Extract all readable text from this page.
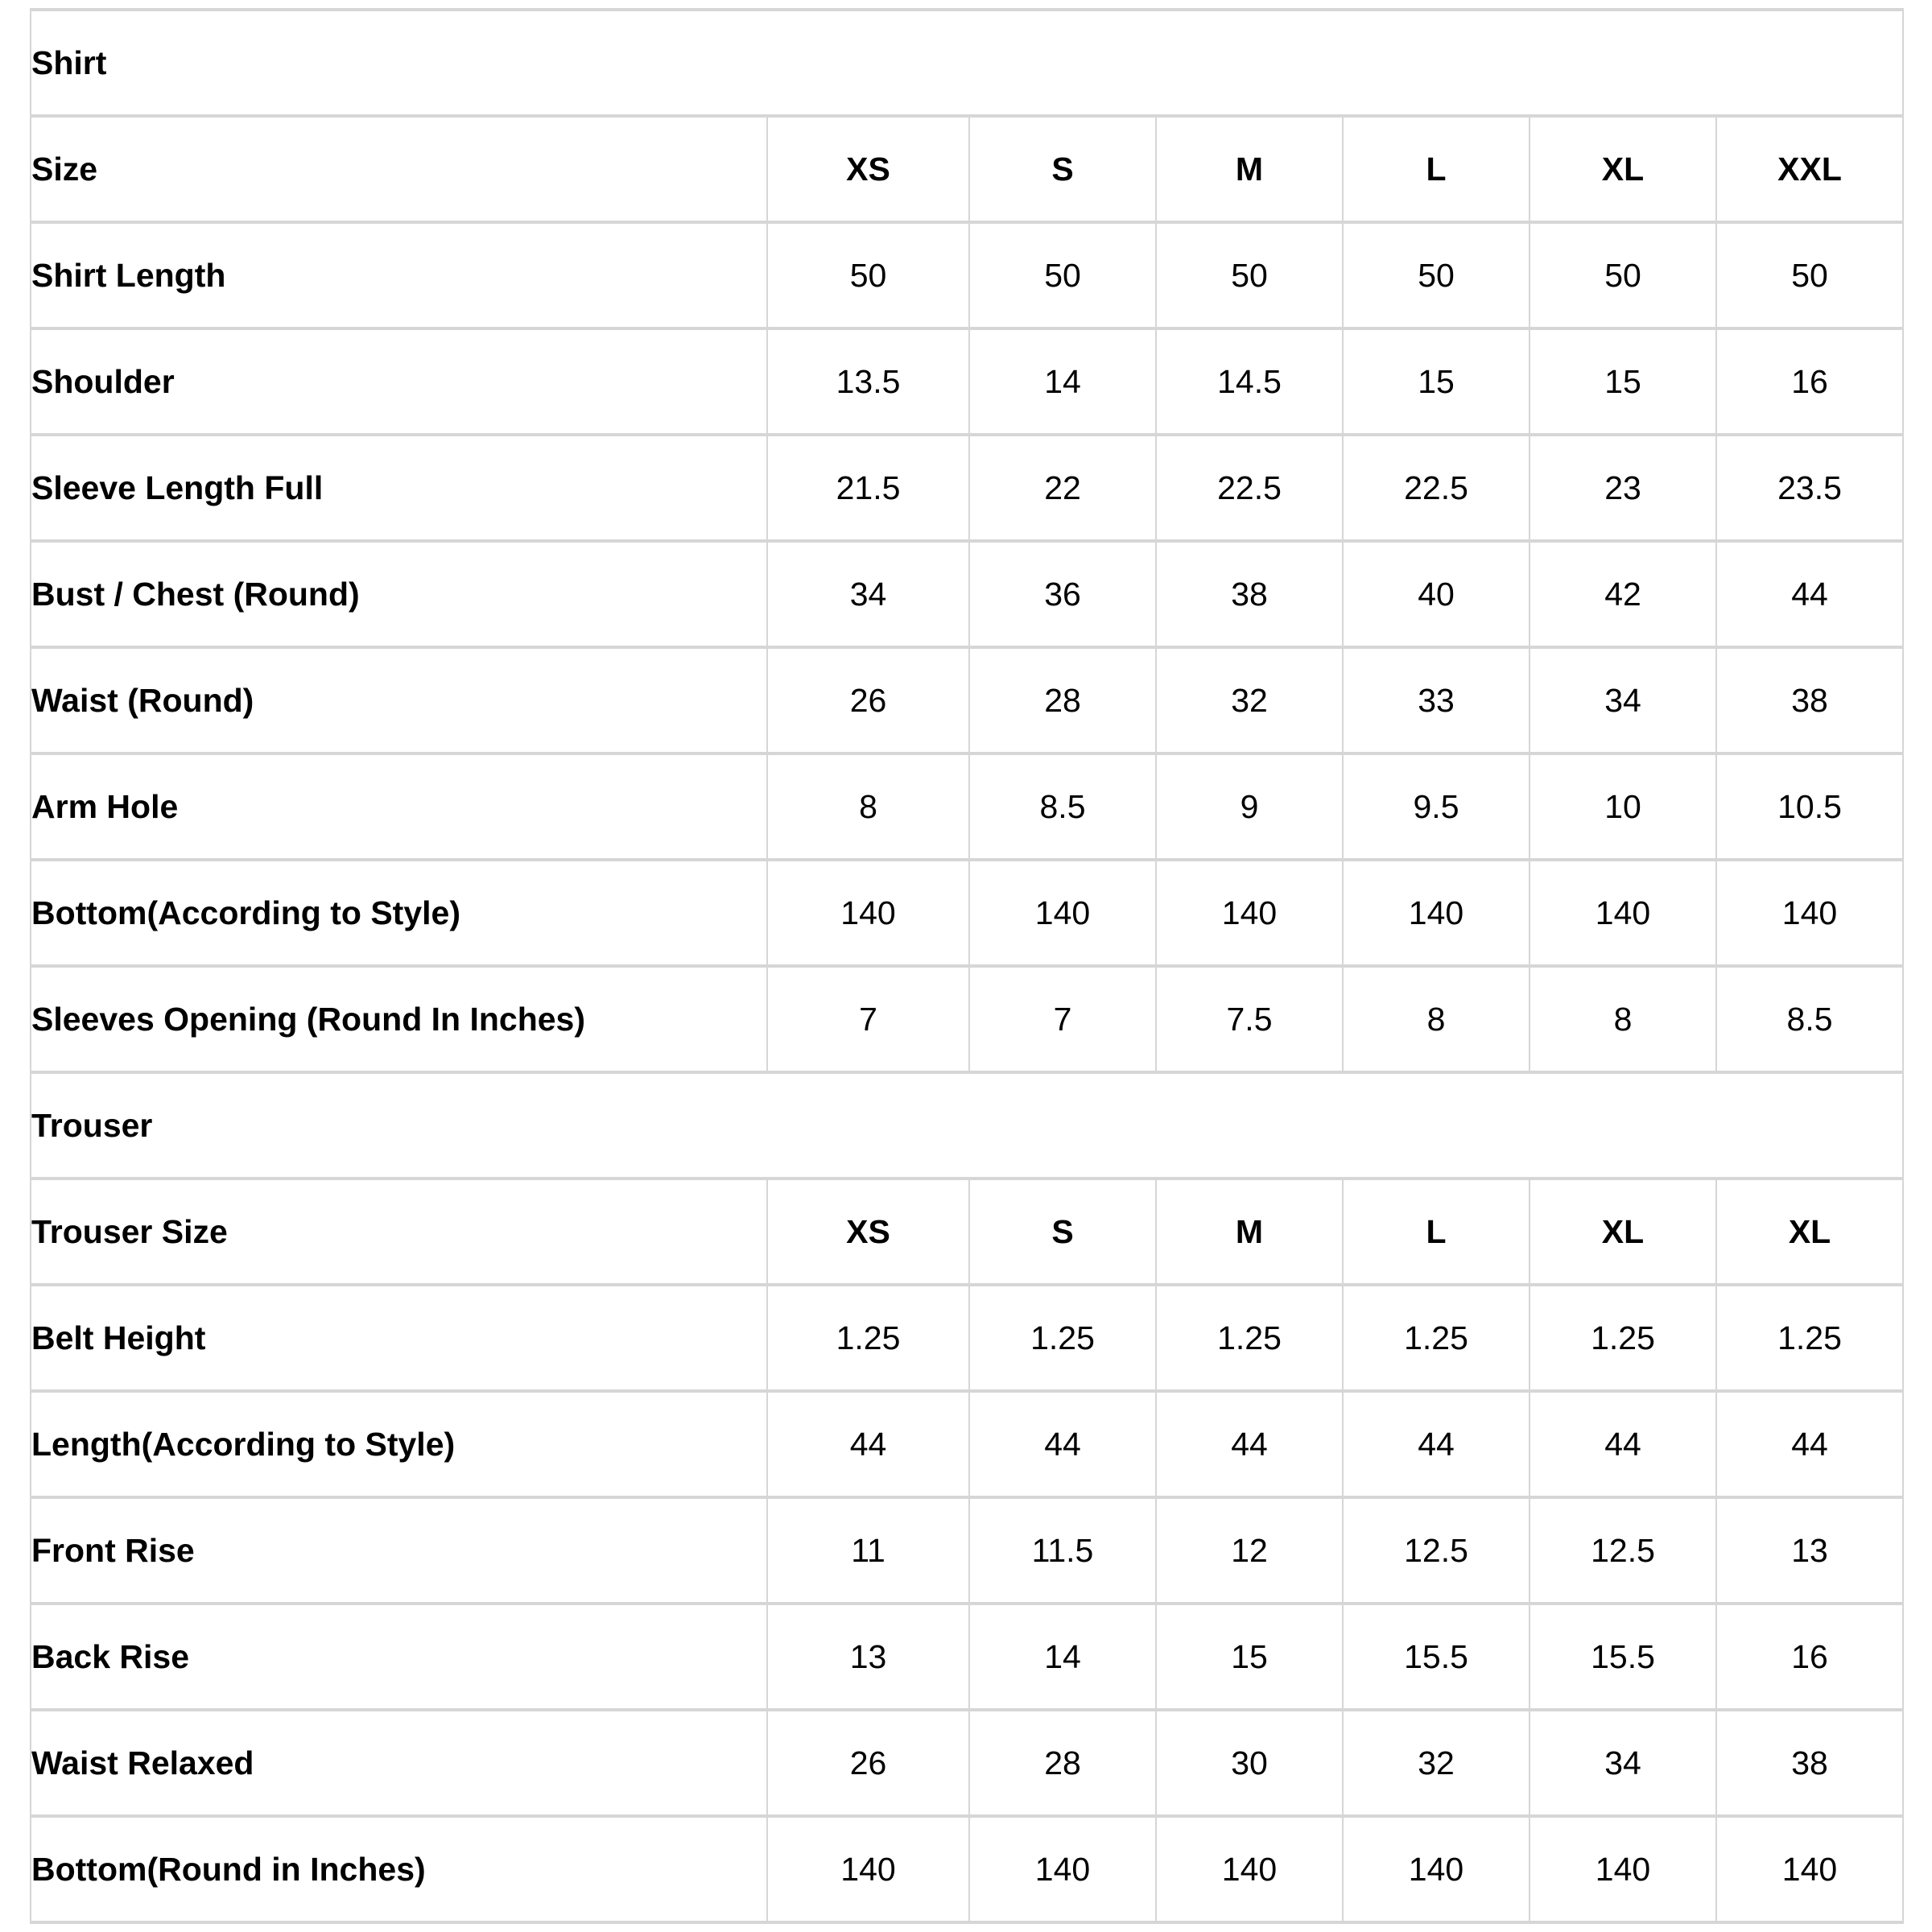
Shirt						
Size	XS	S	M	L	XL	XXL
Shirt Length	50	50	50	50	50	50
Shoulder	13.5	14	14.5	15	15	16
Sleeve Length Full	21.5	22	22.5	22.5	23	23.5
Bust / Chest (Round)	34	36	38	40	42	44
Waist (Round)	26	28	32	33	34	38
Arm Hole	8	8.5	9	9.5	10	10.5
Bottom(According to Style)	140	140	140	140	140	140
Sleeves Opening (Round In Inches)	7	7	7.5	8	8	8.5
Trouser						
Trouser Size	XS	S	M	L	XL	XL
Belt Height	1.25	1.25	1.25	1.25	1.25	1.25
Length(According to Style)	44	44	44	44	44	44
Front Rise	11	11.5	12	12.5	12.5	13
Back Rise	13	14	15	15.5	15.5	16
Waist Relaxed	26	28	30	32	34	38
Bottom(Round in Inches)	140	140	140	140	140	140
